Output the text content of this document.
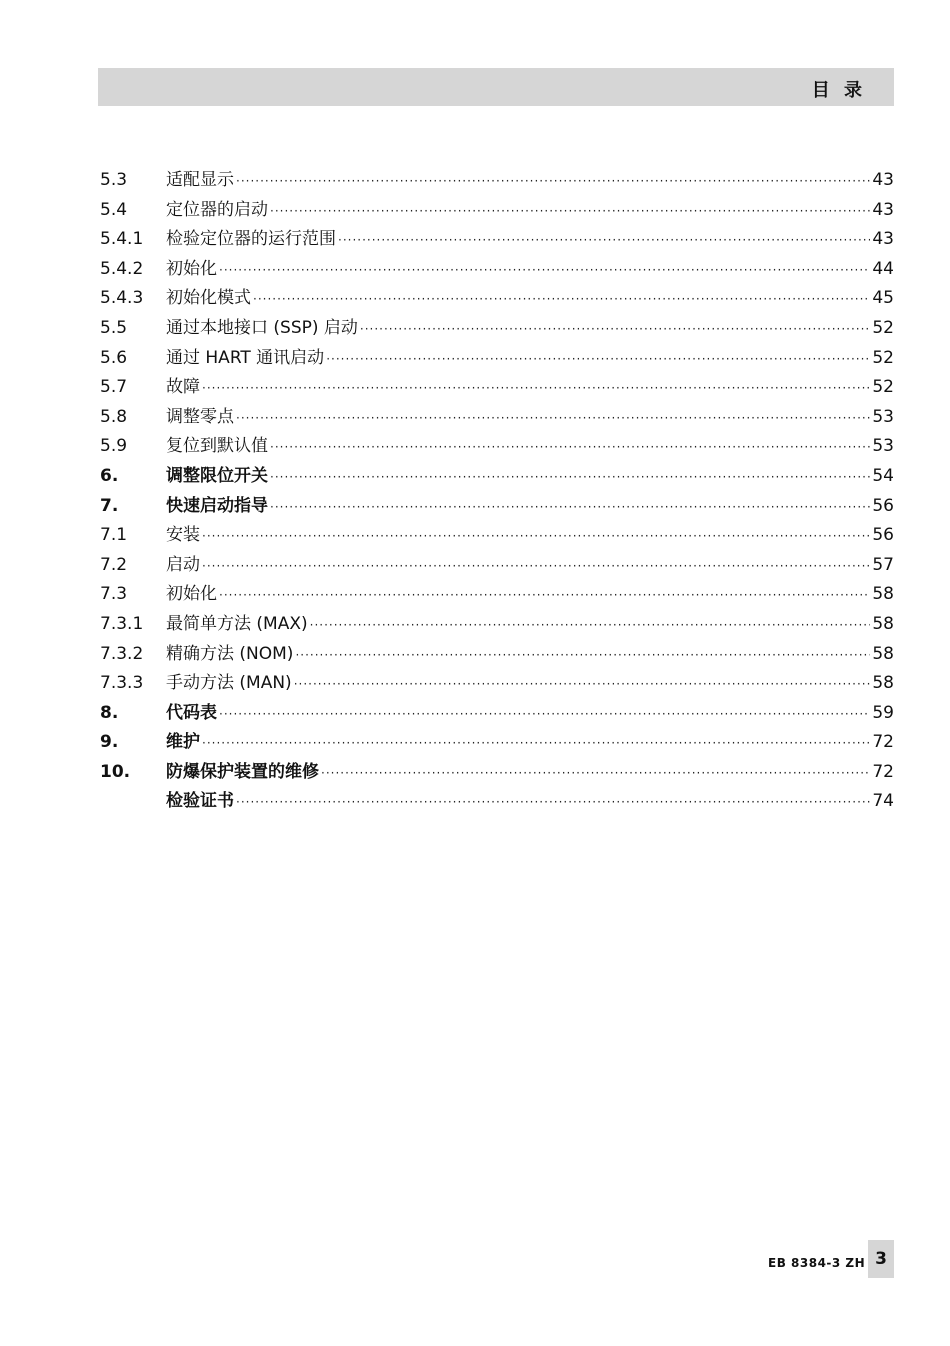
目 录
5.3	适配显示 ·····	43
5.4	定位器的启动 ·····	43
5.4.1	检验定位器的运行范围 ·····	43
5.4.2	初始化 ·····	44
5.4.3	初始化模式 ·····	45
5.5	通过本地接口 (SSP) 启动 ·····	52
5.6	通过 HART 通讯启动 ·····	52
5.7	故障 ·····	52
5.8	调整零点 ·····	53
5.9	复位到默认值 ·····	53
6.	调整限位开关 ·····	54
7.	快速启动指导 ·····	56
7.1	安装 ·····	56
7.2	启动 ·····	57
7.3	初始化 ·····	58
7.3.1	最简单方法 (MAX) ·····	58
7.3.2	精确方法 (NOM) ·····	58
7.3.3	手动方法 (MAN) ·····	58
8.	代码表 ·····	59
9.	维护 ·····	72
10.	防爆保护装置的维修 ·····	72
检验证书 ·····	74
EB 8384-3 ZH 3
